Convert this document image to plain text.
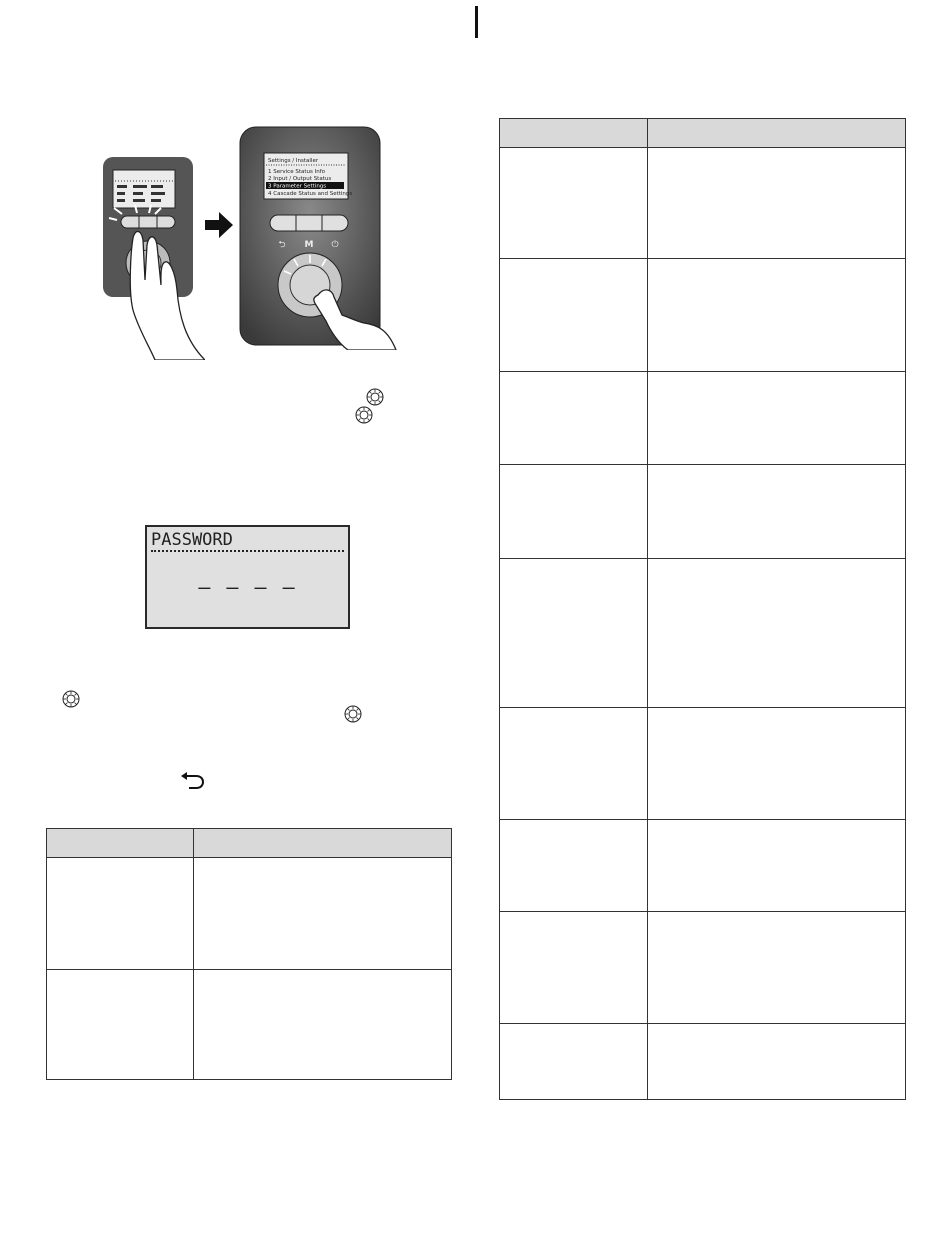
Settings / Installer
1 Service Status Info
2 Input / Output Status
3 Parameter Settings
4 Cascade Status and Settings
⮌ M ⏻
PASSWORD
— — — —
